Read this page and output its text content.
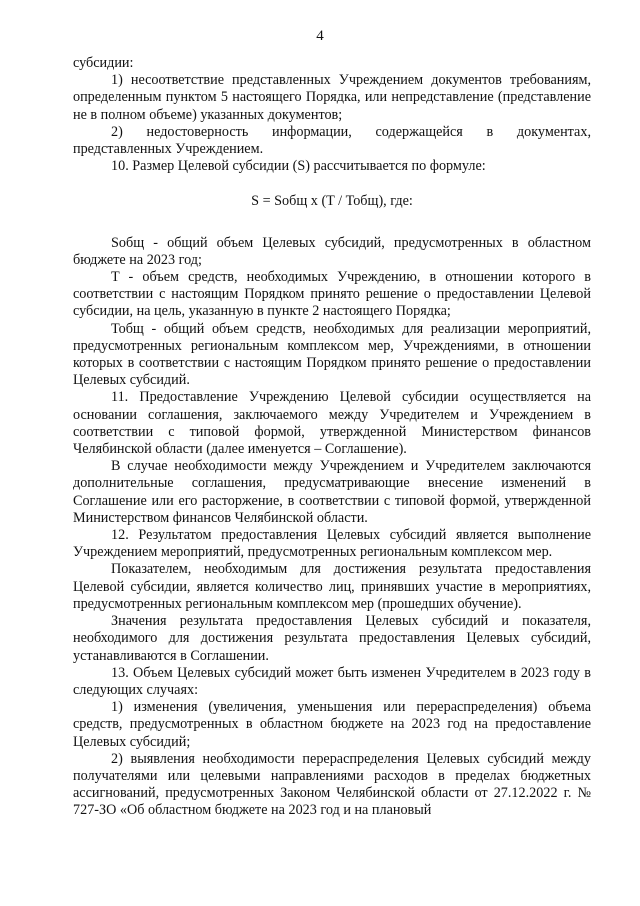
4

субсидии:

1) несоответствие представленных Учреждением документов требованиям, определенным пунктом 5 настоящего Порядка, или непредставление (представление не в полном объеме) указанных документов;

2) недостоверность информации, содержащейся в документах, представленных Учреждением.

10. Размер Целевой субсидии (S) рассчитывается по формуле:

S = Sобщ x (T / Тобщ), где:

Sобщ - общий объем Целевых субсидий, предусмотренных в областном бюджете на 2023 год;

T - объем средств, необходимых Учреждению, в отношении которого в соответствии с настоящим Порядком принято решение о предоставлении Целевой субсидии, на цель, указанную в пункте 2 настоящего Порядка;

Тобщ - общий объем средств, необходимых для реализации мероприятий, предусмотренных региональным комплексом мер, Учреждениями, в отношении которых в соответствии с настоящим Порядком принято решение о предоставлении Целевых субсидий.

11. Предоставление Учреждению Целевой субсидии осуществляется на основании соглашения, заключаемого между Учредителем и Учреждением в соответствии с типовой формой, утвержденной Министерством финансов Челябинской области (далее именуется – Соглашение).

В случае необходимости между Учреждением и Учредителем заключаются дополнительные соглашения, предусматривающие внесение изменений в Соглашение или его расторжение, в соответствии с типовой формой, утвержденной Министерством финансов Челябинской области.

12. Результатом предоставления Целевых субсидий является выполнение Учреждением мероприятий, предусмотренных региональным комплексом мер.

Показателем, необходимым для достижения результата предоставления Целевой субсидии, является количество лиц, принявших участие в мероприятиях, предусмотренных региональным комплексом мер (прошедших обучение).

Значения результата предоставления Целевых субсидий и показателя, необходимого для достижения результата предоставления Целевых субсидий, устанавливаются в Соглашении.

13. Объем Целевых субсидий может быть изменен Учредителем в 2023 году в следующих случаях:

1) изменения (увеличения, уменьшения или перераспределения) объема средств, предусмотренных в областном бюджете на 2023 год на предоставление Целевых субсидий;

2) выявления необходимости перераспределения Целевых субсидий между получателями или целевыми направлениями расходов в пределах бюджетных ассигнований, предусмотренных Законом Челябинской области от 27.12.2022 г. № 727-ЗО «Об областном бюджете на 2023 год и на плановый
